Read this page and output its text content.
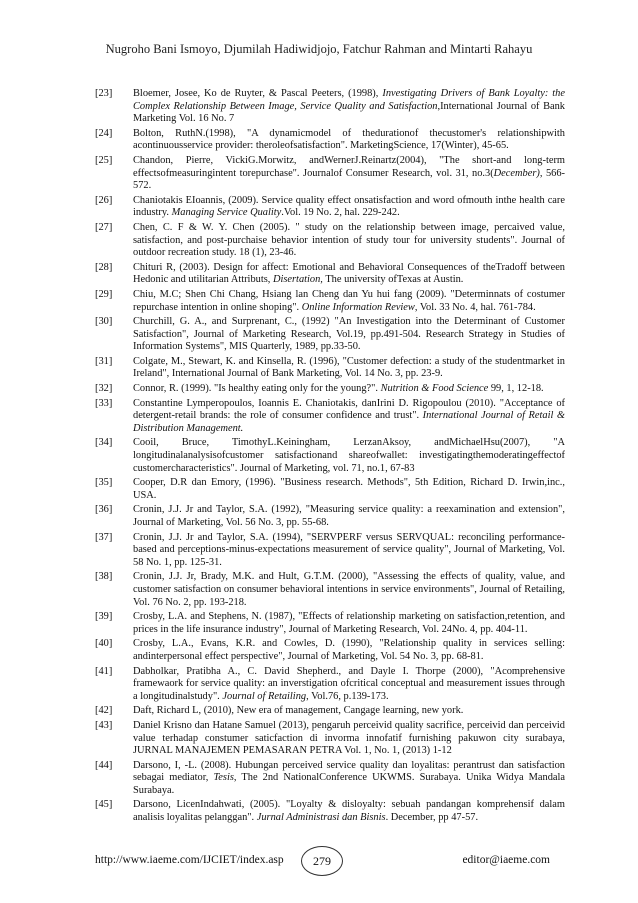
Nugroho Bani Ismoyo, Djumilah Hadiwidjojo, Fatchur Rahman and Mintarti Rahayu
[23]	Bloemer, Josee, Ko de Ruyter, & Pascal Peeters, (1998), Investigating Drivers of Bank Loyalty: the Complex Relationship Between Image, Service Quality and Satisfaction,International Journal of Bank Marketing Vol. 16 No. 7
[24]	Bolton, RuthN.(1998), "A dynamicmodel of thedurationof thecustomer's relationshipwith acontinuousservice provider: theroleofsatisfaction". MarketingScience, 17(Winter), 45-65.
[25]	Chandon, Pierre, VickiG.Morwitz, andWernerJ.Reinartz(2004), "The short-and long-term effectsofmeasuringintent torepurchase". Journalof Consumer Research, vol. 31, no.3(December), 566-572.
[26]	Chaniotakis EIoannis, (2009). Service quality effect onsatisfaction and word ofmouth inthe health care industry. Managing Service Quality.Vol. 19 No. 2, hal. 229-242.
[27]	Chen, C. F & W. Y. Chen (2005). " study on the relationship between image, percaived value, satisfaction, and post-purchaise behavior intention of study tour for university students". Journal of outdoor recreation study. 18 (1), 23-46.
[28]	Chituri R, (2003). Design for affect: Emotional and Behavioral Consequences of theTradoff between Hedonic and utilitarian Attributs, Disertation, The university ofTexas at Austin.
[29]	Chiu, M.C; Shen Chi Chang, Hsiang lan Cheng dan Yu hui fang (2009). "Determinnats of costumer repurchase intention in online shoping". Online Information Review, Vol. 33 No. 4, hal. 761-784.
[30]	Churchill, G. A., and Surprenant, C., (1992) "An Investigation into the Determinant of Customer Satisfaction", Journal of Marketing Research, Vol.19, pp.491-504. Research Strategy in Studies of Information Systems", MIS Quarterly, 1989, pp.33-50.
[31]	Colgate, M., Stewart, K. and Kinsella, R. (1996), "Customer defection: a study of the studentmarket in Ireland", International Journal of Bank Marketing, Vol. 14 No. 3, pp. 23-9.
[32]	Connor, R. (1999). "Is healthy eating only for the young?". Nutrition & Food Science 99, 1, 12-18.
[33]	Constantine Lymperopoulos, Ioannis E. Chaniotakis, danIrini D. Rigopoulou (2010). "Acceptance of detergent-retail brands: the role of consumer confidence and trust". International Journal of Retail & Distribution Management.
[34]	Cooil, Bruce, TimothyL.Keiningham, LerzanAksoy, andMichaelHsu(2007), "A longitudinalanalysisofcustomer satisfactionand shareofwallet: investigatingthemoderatingeffectof customercharacteristics". Journal of Marketing, vol. 71, no.1, 67-83
[35]	Cooper, D.R dan Emory, (1996). "Business research. Methods", 5th Edition, Richard D. Irwin,inc., USA.
[36]	Cronin, J.J. Jr and Taylor, S.A. (1992), "Measuring service quality: a reexamination and extension", Journal of Marketing, Vol. 56 No. 3, pp. 55-68.
[37]	Cronin, J.J. Jr and Taylor, S.A. (1994), "SERVPERF versus SERVQUAL: reconciling performance-based and perceptions-minus-expectations measurement of service quality", Journal of Marketing, Vol. 58 No. 1, pp. 125-31.
[38]	Cronin, J.J. Jr, Brady, M.K. and Hult, G.T.M. (2000), "Assessing the effects of quality, value, and customer satisfaction on consumer behavioral intentions in service environments", Journal of Retailing, Vol. 76 No. 2, pp. 193-218.
[39]	Crosby, L.A. and Stephens, N. (1987), "Effects of relationship marketing on satisfaction,retention, and prices in the life insurance industry", Journal of Marketing Research, Vol. 24No. 4, pp. 404-11.
[40]	Crosby, L.A., Evans, K.R. and Cowles, D. (1990), "Relationship quality in services selling: andinterpersonal effect perspective", Journal of Marketing, Vol. 54 No. 3, pp. 68-81.
[41]	Dabholkar, Pratibha A., C. David Shepherd., and Dayle I. Thorpe (2000), "Acomprehensive framewaork for service quality: an inverstigation ofcritical conceptual and measurement issues through a longitudinalstudy". Journal of Retailing, Vol.76, p.139-173.
[42]	Daft, Richard L, (2010), New era of management, Cangage learning, new york.
[43]	Daniel Krisno dan Hatane Samuel (2013), pengaruh perceivid quality sacrifice, perceivid dan perceivid value terhadap constumer saticfaction di invorma innofatif furnishing pakuwon city surabaya, JURNAL MANAJEMEN PEMASARAN PETRA Vol. 1, No. 1, (2013) 1-12
[44]	Darsono, I, -L. (2008). Hubungan perceived service quality dan loyalitas: perantrust dan satisfaction sebagai mediator, Tesis, The 2nd NationalConference UKWMS. Surabaya. Unika Widya Mandala Surabaya.
[45]	Darsono, LicenIndahwati, (2005). "Loyalty & disloyalty: sebuah pandangan komprehensif dalam analisis loyalitas pelanggan". Jurnal Administrasi dan Bisnis. December, pp 47-57.
http://www.iaeme.com/IJCIET/index.asp	279	editor@iaeme.com
